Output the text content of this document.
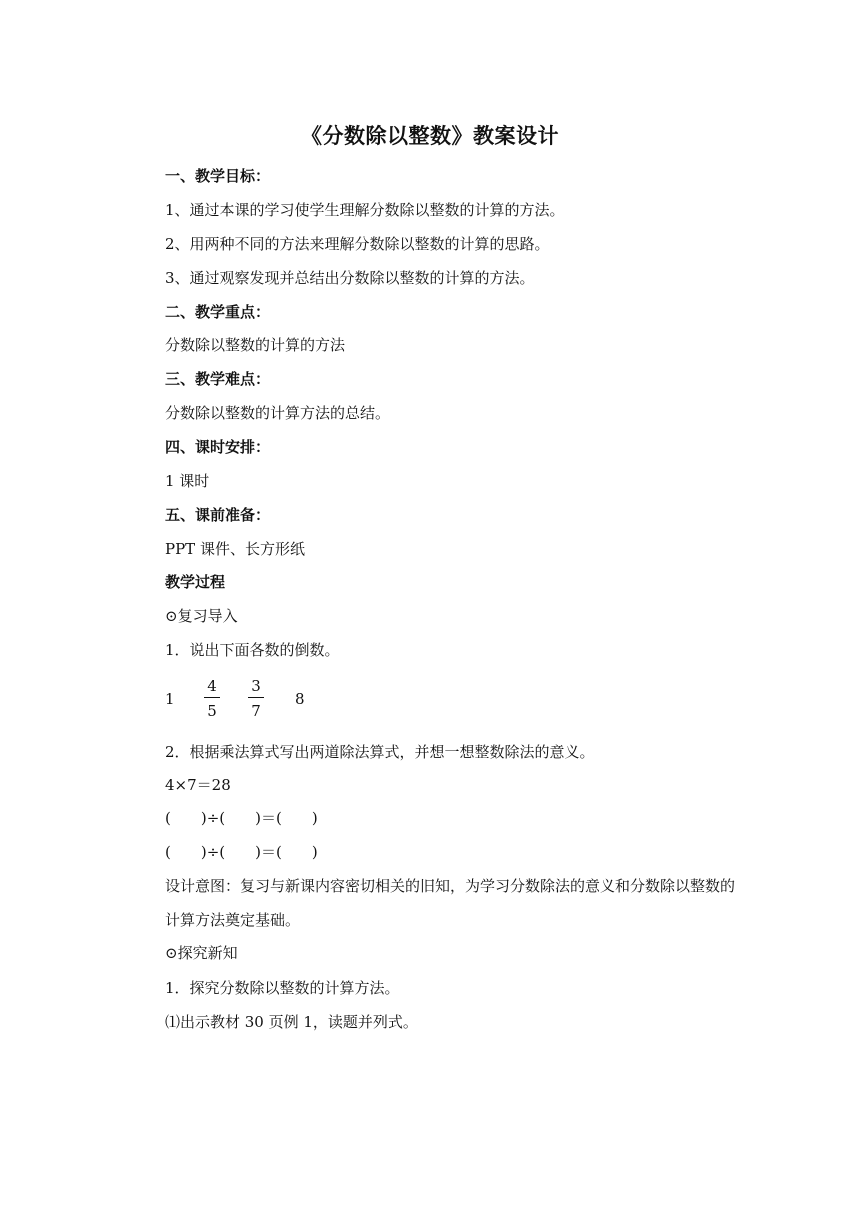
《分数除以整数》教案设计
一、教学目标：
1、通过本课的学习使学生理解分数除以整数的计算的方法。
2、用两种不同的方法来理解分数除以整数的计算的思路。
3、通过观察发现并总结出分数除以整数的计算的方法。
二、教学重点：
分数除以整数的计算的方法
三、教学难点：
分数除以整数的计算方法的总结。
四、课时安排：
1 课时
五、课前准备：
PPT 课件、长方形纸
教学过程
⊙复习导入
1．说出下面各数的倒数。
1
4
5
3
7
8
2．根据乘法算式写出两道除法算式，并想一想整数除法的意义。
4×7＝28
(　　)÷(　　)＝(　　)
(　　)÷(　　)＝(　　)
设计意图：复习与新课内容密切相关的旧知，为学习分数除法的意义和分数除以整数的计算方法奠定基础。
⊙探究新知
1．探究分数除以整数的计算方法。
⑴出示教材 30 页例 1，读题并列式。
